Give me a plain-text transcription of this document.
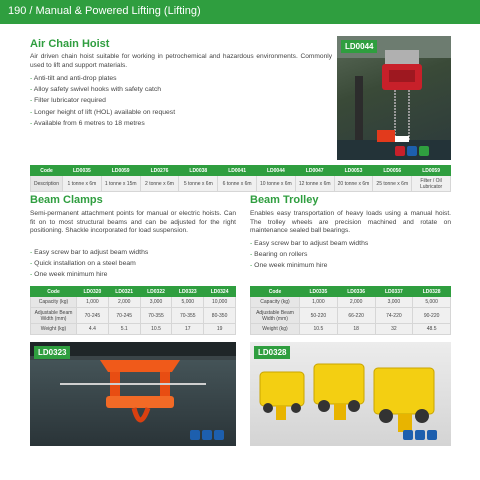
190 / Manual & Powered Lifting (Lifting)
Air Chain Hoist

Air driven chain hoist suitable for working in petrochemical and hazardous environments. Commonly used to lift and support materials.

- Anti-tilt and anti-drop plates
- Alloy safety swivel hooks with safety catch
- Filter lubricator required
- Longer height of lift (HOL) available on request
- Available from 6 metres to 18 metres
LD0044
Code	LD0035	LD0059	LD0276	LD0038	LD0041	LD0044	LD0047	LD0053	LD0056	LD0059
Description	1 tonne x 6m	1 tonne x 15m	2 tonne x 6m	5 tonne x 6m	6 tonne x 6m	10 tonne x 6m	12 tonne x 6m	20 tonne x 6m	25 tonne x 6m	Filter / Oil Lubricator
Beam Clamps

Semi-permanent attachment points for manual or electric hoists. Can fit on to most structural beams and can be adjusted for the right positioning. Shackle incorporated for load suspension.

- Easy screw bar to adjust beam widths
- Quick installation on a steel beam
- One week minimum hire
Code	LD0320	LD0321	LD0322	LD0323	LD0324
Capacity (kg)	1,000	2,000	3,000	5,000	10,000
Adjustable Beam Width (mm)	70-245	70-245	70-355	70-355	80-350
Weight (kg)	4.4	5.1	10.5	17	19
LD0323
Beam Trolley

Enables easy transportation of heavy loads using a manual hoist. The trolley wheels are precision machined and rotate on maintenance sealed ball bearings.

- Easy screw bar to adjust beam widths
- Bearing on rollers
- One week minimum hire
Code	LD0335	LD0336	LD0337	LD0328
Capacity (kg)	1,000	2,000	3,000	5,000
Adjustable Beam Width (mm)	50-220	66-220	74-220	90-220
Weight (kg)	10.5	18	32	48.5
LD0328
